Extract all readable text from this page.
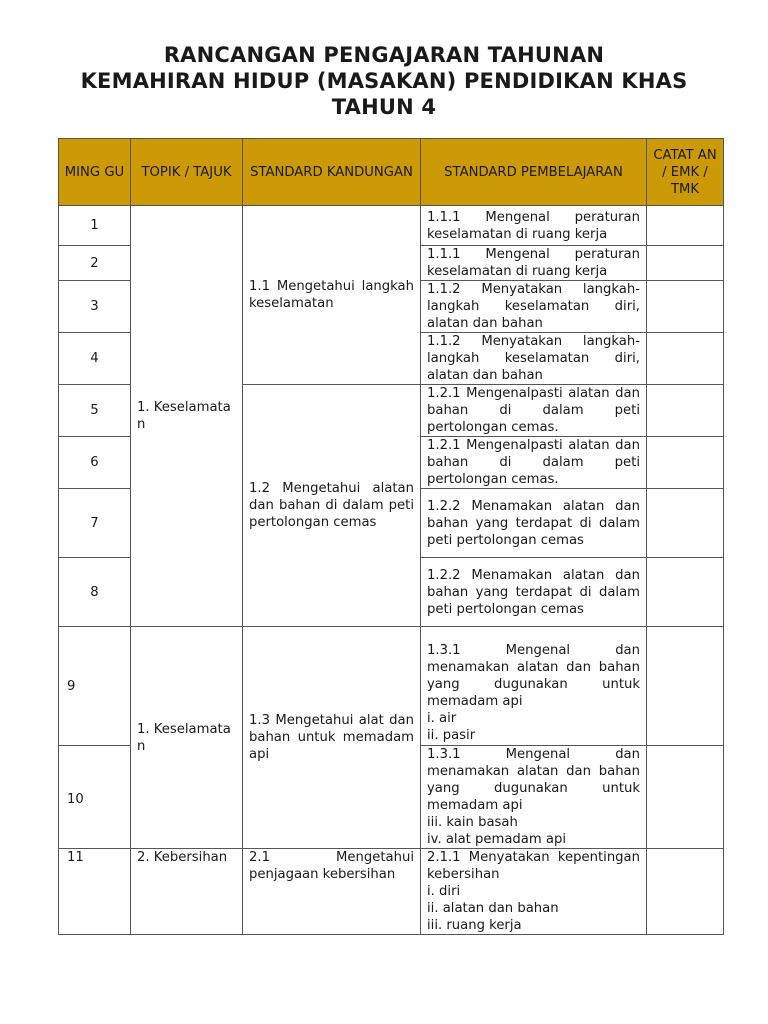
RANCANGAN PENGAJARAN TAHUNAN
KEMAHIRAN HIDUP (MASAKAN) PENDIDIKAN KHAS
TAHUN 4
MING GU	TOPIK / TAJUK	STANDARD KANDUNGAN	STANDARD PEMBELAJARAN	CATAT AN / EMK / TMK
1	1. Keselamata n	1.1 Mengetahui langkah keselamatan	1.1.1 Mengenal peraturan keselamatan di ruang kerja	
2			1.1.1 Mengenal peraturan keselamatan di ruang kerja	
3			1.1.2 Menyatakan langkah-langkah keselamatan diri, alatan dan bahan	
4			1.1.2 Menyatakan langkah-langkah keselamatan diri, alatan dan bahan	
5		1.2 Mengetahui alatan dan bahan di dalam peti pertolongan cemas	1.2.1 Mengenalpasti alatan dan bahan di dalam peti pertolongan cemas.	
6			1.2.1 Mengenalpasti alatan dan bahan di dalam peti pertolongan cemas.	
7			1.2.2 Menamakan alatan dan bahan yang terdapat di dalam peti pertolongan cemas	
8			1.2.2 Menamakan alatan dan bahan yang terdapat di dalam peti pertolongan cemas	
9	1. Keselamata n	1.3 Mengetahui alat dan bahan untuk memadam api	1.3.1 Mengenal dan menamakan alatan dan bahan yang dugunakan untuk memadam api
i. air
ii. pasir	

10			1.3.1 Mengenal dan menamakan alatan dan bahan yang dugunakan untuk memadam api
iii. kain basah
iv. alat pemadam api	

11	2. Kebersihan	2.1 Mengetahui penjagaan kebersihan	2.1.1 Menyatakan kepentingan kebersihan
i. diri
ii. alatan dan bahan
iii. ruang kerja	
